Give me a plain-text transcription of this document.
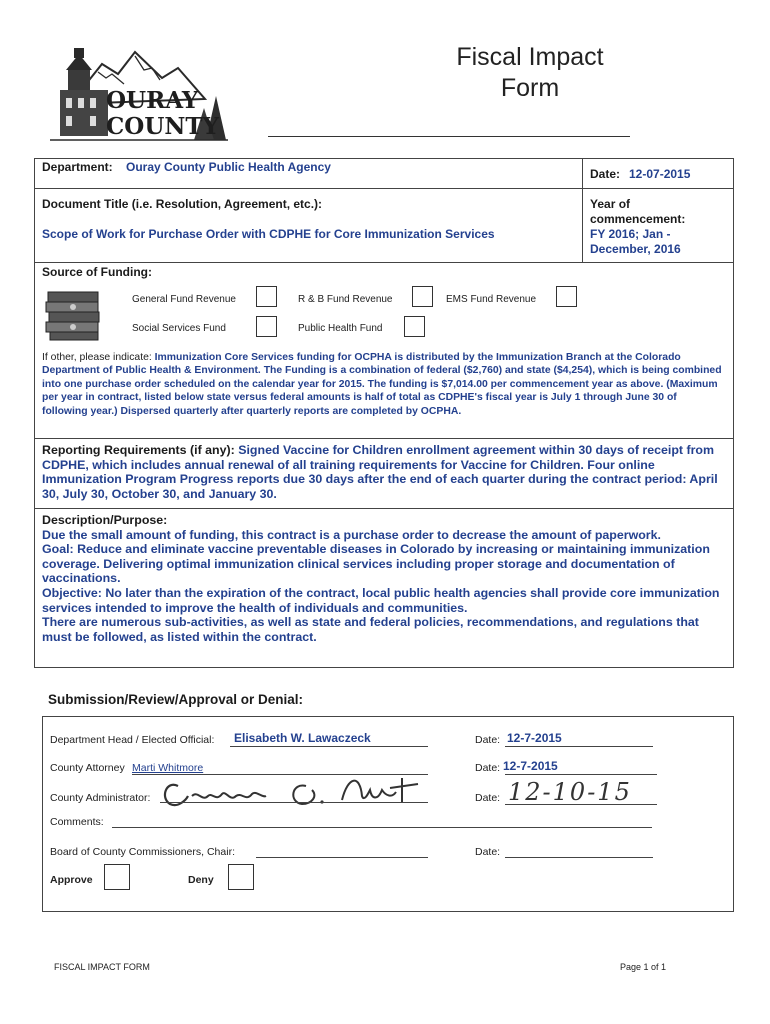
OURAY
COUNTY
Fiscal Impact
Form
Department: Ouray County Public Health Agency	Date: 12-07-2015
Document Title (i.e. Resolution, Agreement, etc.):
Scope of Work for Purchase Order with CDPHE for Core Immunization Services
Year of commencement:
FY 2016; Jan - December, 2016
Source of Funding:
General Fund Revenue	R & B Fund Revenue	EMS Fund Revenue
Social Services Fund	Public Health Fund
If other, please indicate: Immunization Core Services funding for OCPHA is distributed by the Immunization Branch at the Colorado Department of Public Health & Environment. The Funding is a combination of federal ($2,760) and state ($4,254), which is being combined into one purchase order scheduled on the calendar year for 2015. The funding is $7,014.00 per commencement year as above. (Maximum per year in contract, listed below state versus federal amounts is half of total as CDPHE's fiscal year is July 1 through June 30 of following year.) Dispersed quarterly after quarterly reports are completed by OCPHA.
Reporting Requirements (if any): Signed Vaccine for Children enrollment agreement within 30 days of receipt from CDPHE, which includes annual renewal of all training requirements for Vaccine for Children. Four online Immunization Program Progress reports due 30 days after the end of each quarter during the contract period: April 30, July 30, October 30, and January 30.
Description/Purpose:
Due the small amount of funding, this contract is a purchase order to decrease the amount of paperwork.
Goal: Reduce and eliminate vaccine preventable diseases in Colorado by increasing or maintaining immunization coverage. Delivering optimal immunization clinical services including proper storage and documentation of vaccinations.
Objective: No later than the expiration of the contract, local public health agencies shall provide core immunization services intended to improve the health of individuals and communities.
There are numerous sub-activities, as well as state and federal policies, recommendations, and regulations that must be followed, as listed within the contract.
Submission/Review/Approval or Denial:
Department Head / Elected Official: Elisabeth W. Lawaczeck	Date: 12-7-2015
County Attorney Marti Whitmore	Date: 12-7-2015
County Administrator:	Date: 12-10-15
Comments:
Board of County Commissioners, Chair:	Date:
Approve	Deny
FISCAL IMPACT FORM	Page 1 of 1
